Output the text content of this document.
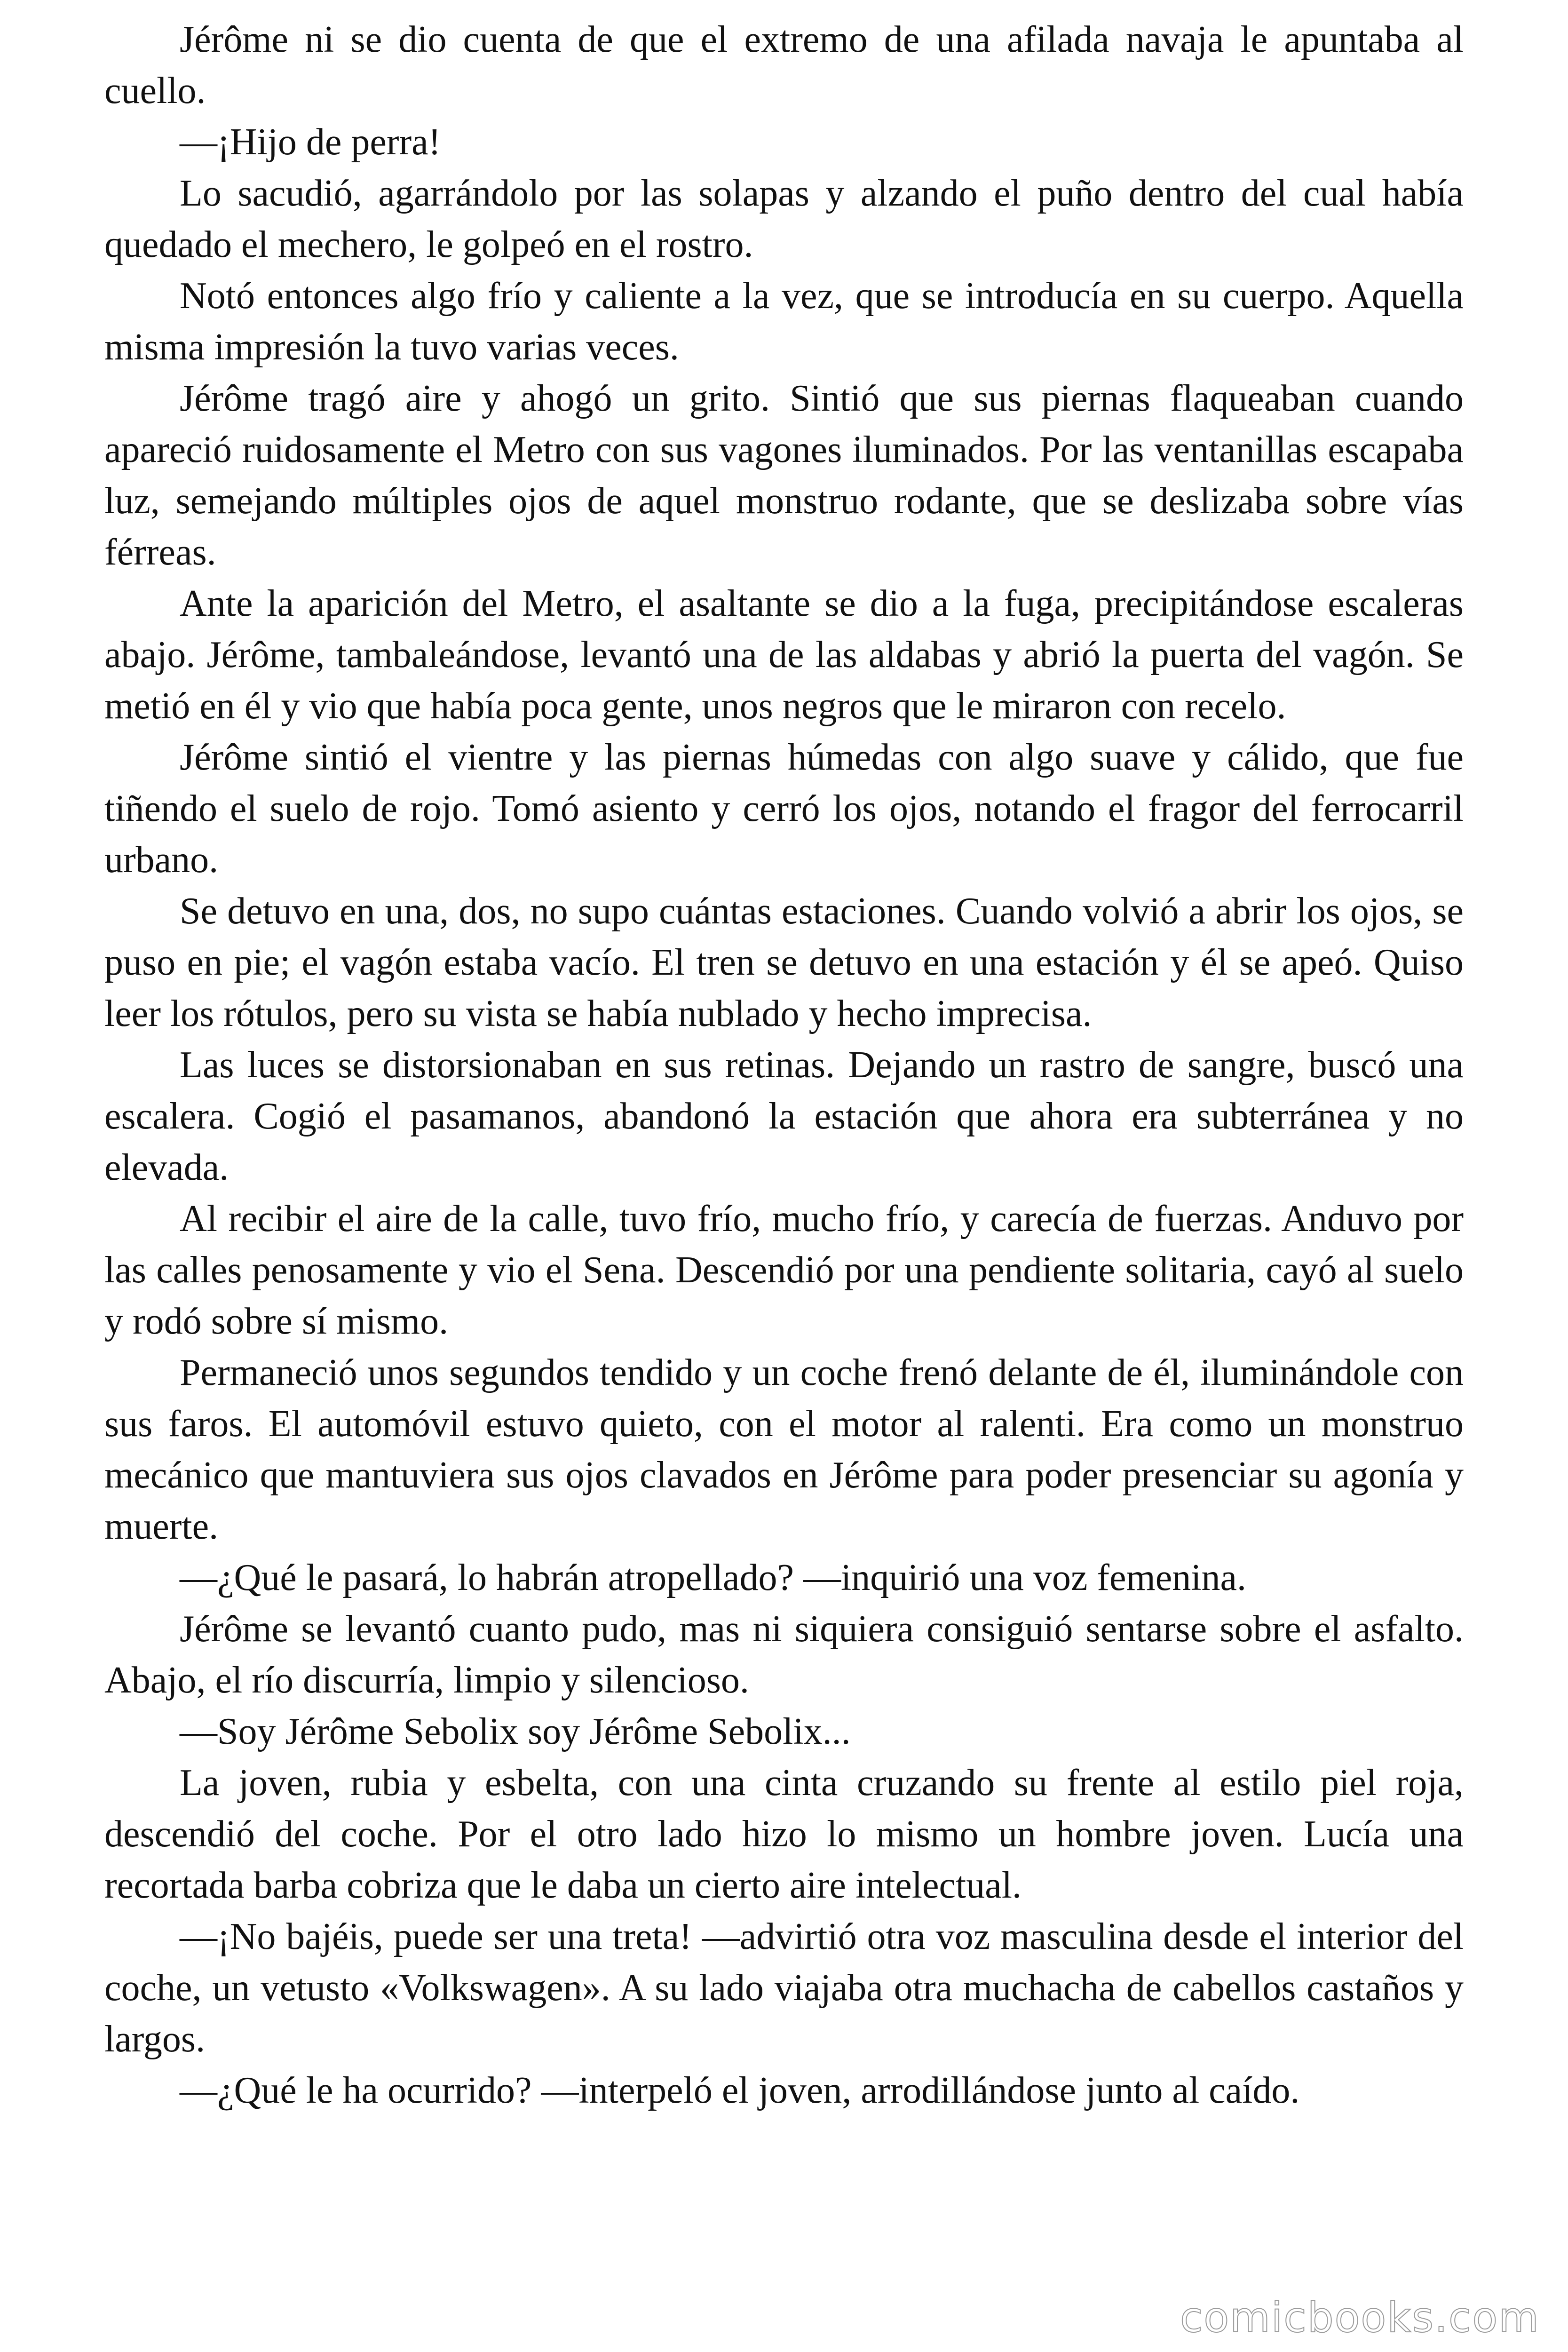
Jérôme ni se dio cuenta de que el extremo de una afilada navaja le apuntaba al cuello.

—¡Hijo de perra!

Lo sacudió, agarrándolo por las solapas y alzando el puño dentro del cual había quedado el mechero, le golpeó en el rostro.

Notó entonces algo frío y caliente a la vez, que se introducía en su cuerpo. Aquella misma impresión la tuvo varias veces.

Jérôme tragó aire y ahogó un grito. Sintió que sus piernas flaqueaban cuando apareció ruidosamente el Metro con sus vagones iluminados. Por las ventanillas escapaba luz, semejando múltiples ojos de aquel monstruo rodante, que se deslizaba sobre vías férreas.

Ante la aparición del Metro, el asaltante se dio a la fuga, precipitándose escaleras abajo. Jérôme, tambaleándose, levantó una de las aldabas y abrió la puerta del vagón. Se metió en él y vio que había poca gente, unos negros que le miraron con recelo.

Jérôme sintió el vientre y las piernas húmedas con algo suave y cálido, que fue tiñendo el suelo de rojo. Tomó asiento y cerró los ojos, notando el fragor del ferrocarril urbano.

Se detuvo en una, dos, no supo cuántas estaciones. Cuando volvió a abrir los ojos, se puso en pie; el vagón estaba vacío. El tren se detuvo en una estación y él se apeó. Quiso leer los rótulos, pero su vista se había nublado y hecho imprecisa.

Las luces se distorsionaban en sus retinas. Dejando un rastro de sangre, buscó una escalera. Cogió el pasamanos, abandonó la estación que ahora era subterránea y no elevada.

Al recibir el aire de la calle, tuvo frío, mucho frío, y carecía de fuerzas. Anduvo por las calles penosamente y vio el Sena. Descendió por una pendiente solitaria, cayó al suelo y rodó sobre sí mismo.

Permaneció unos segundos tendido y un coche frenó delante de él, iluminándole con sus faros. El automóvil estuvo quieto, con el motor al ralenti. Era como un monstruo mecánico que mantuviera sus ojos clavados en Jérôme para poder presenciar su agonía y muerte.

—¿Qué le pasará, lo habrán atropellado? —inquirió una voz femenina.

Jérôme se levantó cuanto pudo, mas ni siquiera consiguió sentarse sobre el asfalto. Abajo, el río discurría, limpio y silencioso.

—Soy Jérôme Sebolix soy Jérôme Sebolix...

La joven, rubia y esbelta, con una cinta cruzando su frente al estilo piel roja, descendió del coche. Por el otro lado hizo lo mismo un hombre joven. Lucía una recortada barba cobriza que le daba un cierto aire intelectual.

—¡No bajéis, puede ser una treta! —advirtió otra voz masculina desde el interior del coche, un vetusto «Volkswagen». A su lado viajaba otra muchacha de cabellos castaños y largos.

—¿Qué le ha ocurrido? —interpeló el joven, arrodillándose junto al caído.

comicbooks.com
